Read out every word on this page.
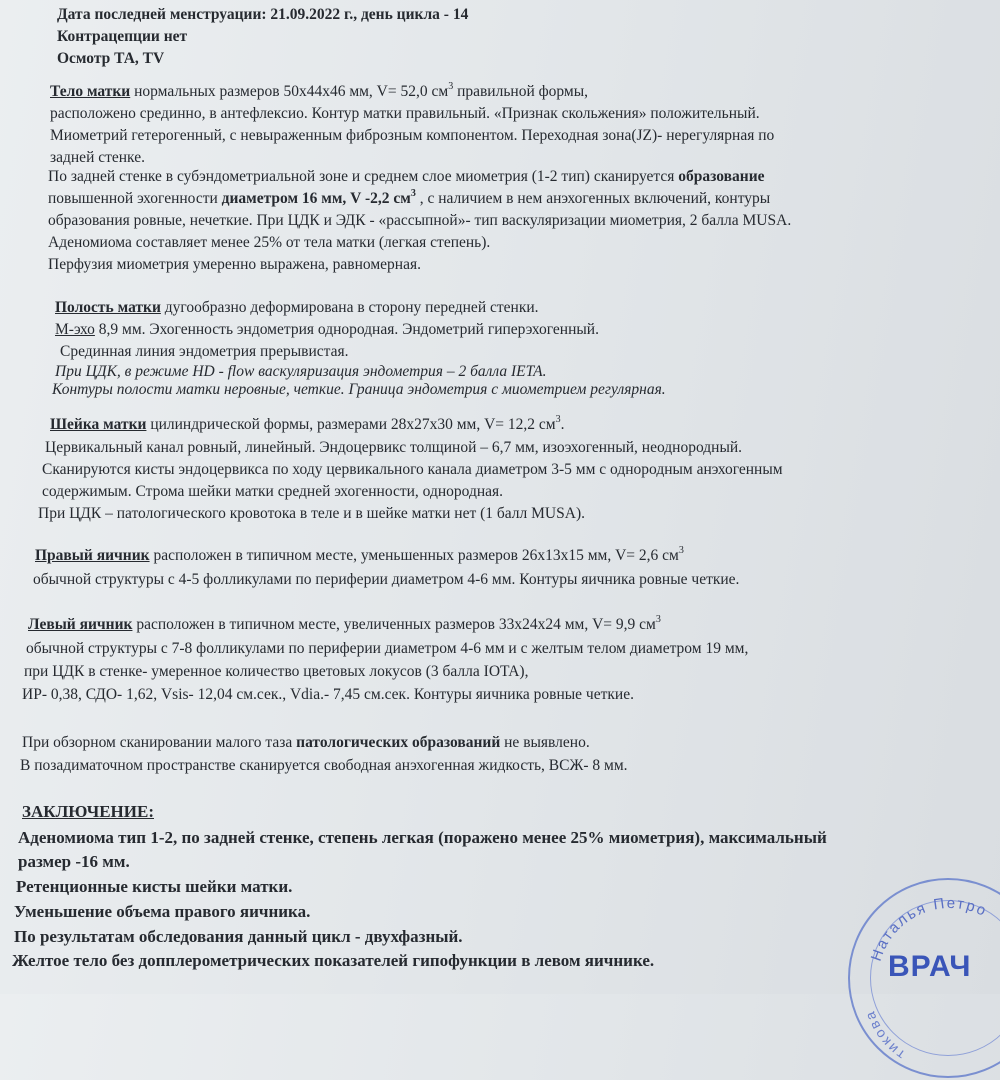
Дата последней менструации: 21.09.2022 г., день цикла - 14
Контрацепции нет
Осмотр ТА, TV
Тело матки нормальных размеров 50х44х46 мм, V= 52,0 $см^3$ правильной формы,
расположено срединно, в антефлексио. Контур матки правильный. «Признак скольжения» положительный.
Миометрий гетерогенный, с невыраженным фиброзным компонентом. Переходная зона(JZ)- нерегулярная по
задней стенке.
По задней стенке в субэндометриальной зоне и среднем слое миометрия (1-2 тип) сканируется образование
повышенной эхогенности диаметром 16 мм, V -2,2 $см^3$ , с наличием в нем анэхогенных включений, контуры
образования ровные, нечеткие. При ЦДК и ЭДК - «рассыпной»- тип васкуляризации миометрия, 2 балла MUSA.
Аденомиома составляет менее 25% от тела матки (легкая степень).
Перфузия миометрия умеренно выражена, равномерная.
Полость матки дугообразно деформирована в сторону передней стенки.
М-эхо 8,9 мм. Эхогенность эндометрия однородная. Эндометрий гиперэхогенный.
Срединная линия эндометрия прерывистая.
При ЦДК, в режиме HD - flow васкуляризация эндометрия – 2 балла IETA.
Контуры полости матки неровные, четкие. Граница эндометрия с миометрием регулярная.
Шейка матки цилиндрической формы, размерами 28х27х30 мм, V= 12,2 $см^3$.
Цервикальный канал ровный, линейный. Эндоцервикс толщиной – 6,7 мм, изоэхогенный, неоднородный.
Сканируются кисты эндоцервикса по ходу цервикального канала диаметром 3-5 мм с однородным анэхогенным
содержимым. Строма шейки матки средней эхогенности, однородная.
При ЦДК – патологического кровотока в теле и в шейке матки нет (1 балл MUSA).
Правый яичник расположен в типичном месте, уменьшенных размеров 26х13х15 мм, V= 2,6 $см^3$
обычной структуры с 4-5 фолликулами по периферии диаметром 4-6 мм. Контуры яичника ровные четкие.
Левый яичник расположен в типичном месте, увеличенных размеров 33х24х24 мм, V= 9,9 $см^3$
обычной структуры с 7-8 фолликулами по периферии диаметром 4-6 мм и с желтым телом диаметром 19 мм,
при ЦДК в стенке- умеренное количество цветовых локусов (3 балла IOTA),
ИР- 0,38, СДО- 1,62, Vsis- 12,04 см.сек., Vdia.- 7,45 см.сек. Контуры яичника ровные четкие.
При обзорном сканировании малого таза патологических образований не выявлено.
В позадиматочном пространстве сканируется свободная анэхогенная жидкость, ВСЖ- 8 мм.
ЗАКЛЮЧЕНИЕ:
Аденомиома тип 1-2, по задней стенке, степень легкая (поражено менее 25% миометрия), максимальный
размер -16 мм.
Ретенционные кисты шейки матки.
Уменьшение объема правого яичника.
По результатам обследования данный цикл - двухфазный.
Желтое тело без допплерометрических показателей гипофункции в левом яичнике.	Наталья Петро
тикова
ВРАЧ
